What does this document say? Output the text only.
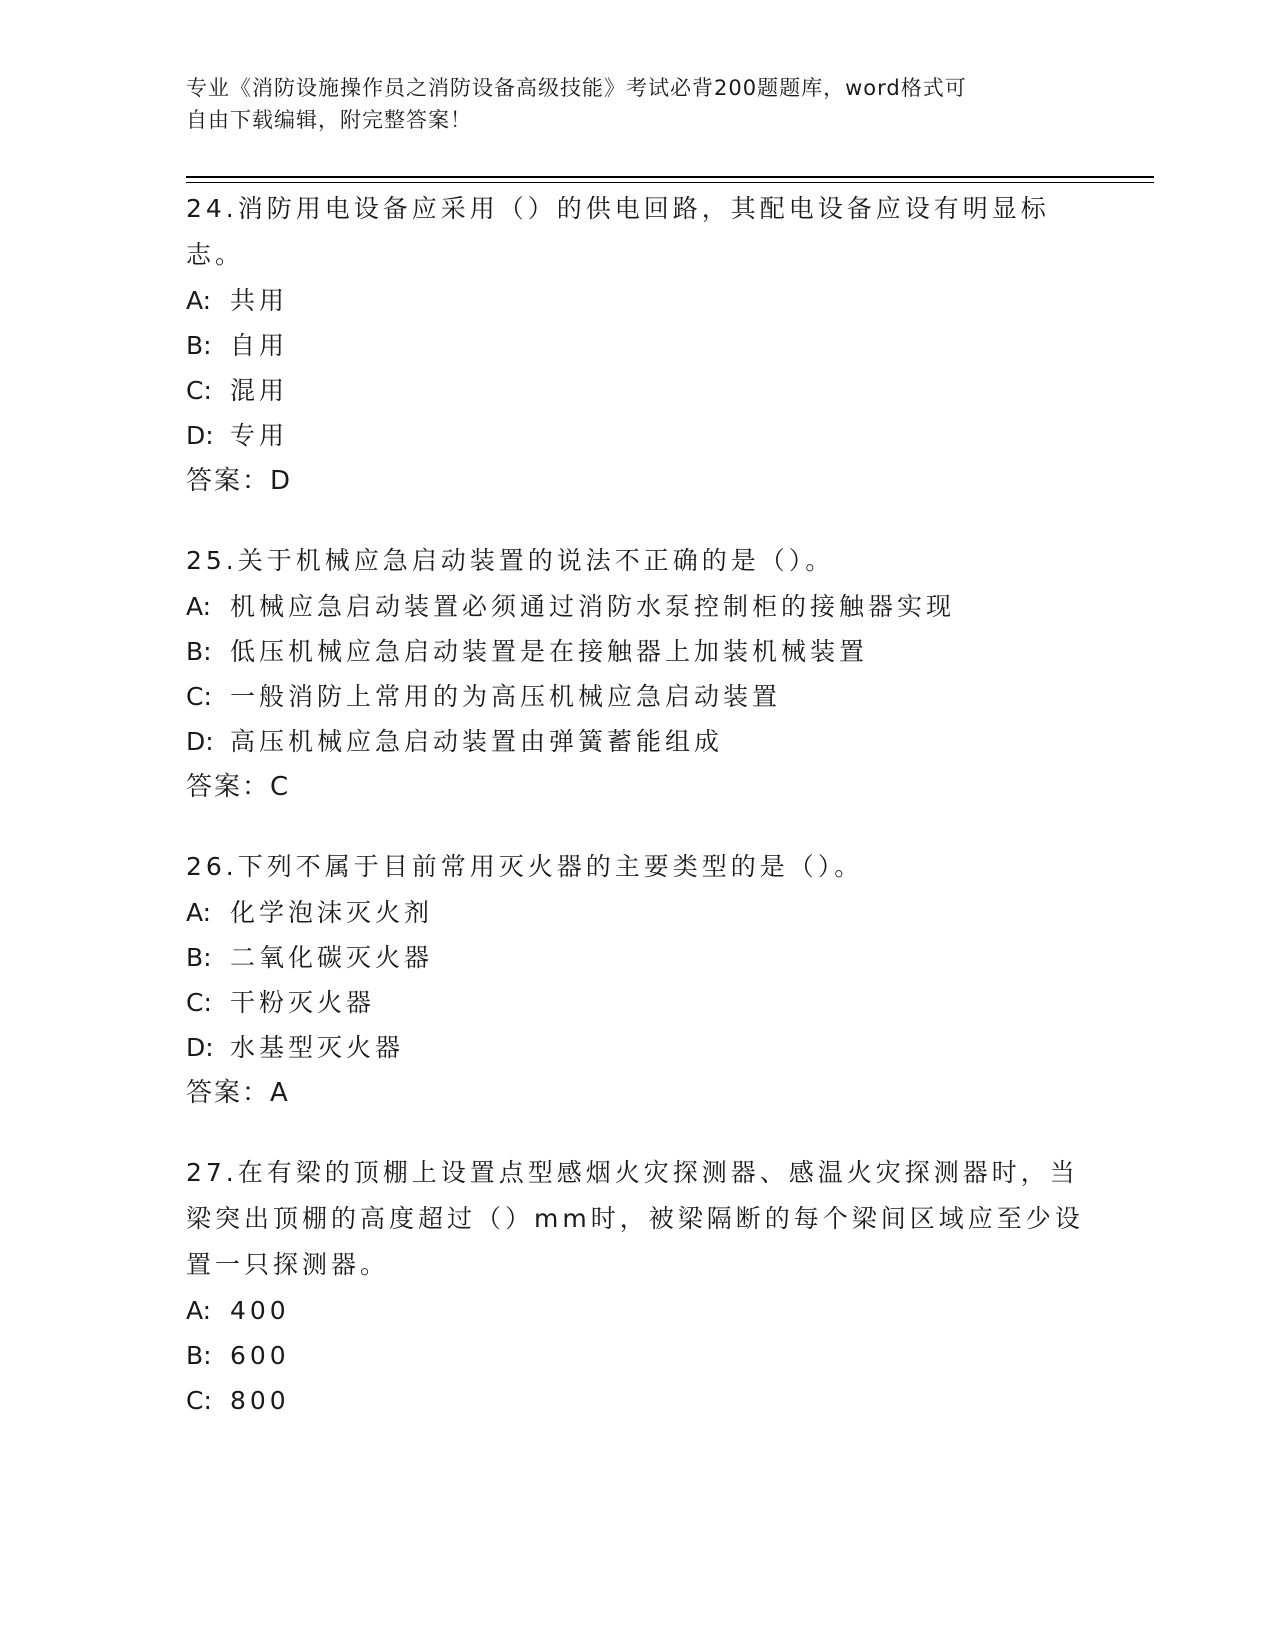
专业《消防设施操作员之消防设备高级技能》考试必背200题题库，word格式可
自由下载编辑，附完整答案！
24.消防用电设备应采用（）的供电回路，其配电设备应设有明显标志。
A: 共用
B: 自用
C: 混用
D: 专用
答案：D
25.关于机械应急启动装置的说法不正确的是（）。
A: 机械应急启动装置必须通过消防水泵控制柜的接触器实现
B: 低压机械应急启动装置是在接触器上加装机械装置
C: 一般消防上常用的为高压机械应急启动装置
D: 高压机械应急启动装置由弹簧蓄能组成
答案：C
26.下列不属于目前常用灭火器的主要类型的是（）。
A: 化学泡沫灭火剂
B: 二氧化碳灭火器
C: 干粉灭火器
D: 水基型灭火器
答案：A
27.在有梁的顶棚上设置点型感烟火灾探测器、感温火灾探测器时，当梁突出顶棚的高度超过（）mm时，被梁隔断的每个梁间区域应至少设置一只探测器。
A: 400
B: 600
C: 800
